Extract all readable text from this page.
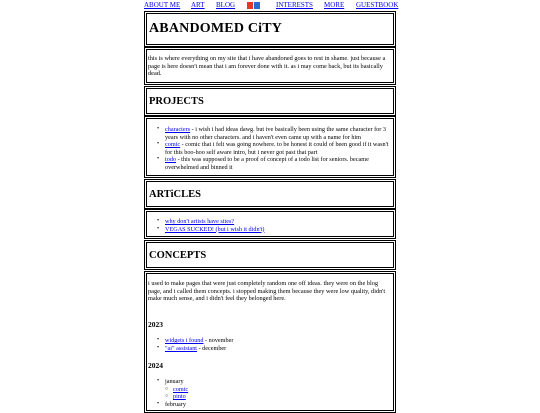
ABOUT ME ART BLOG	INTERESTS MORE GUESTBOOK
ABANDOMED CiTY
this is where everything on my site that i have abandoned goes to rest in shame. just because a page is here doesn't mean that i am forever done with it. as i may come back, but its basically dead.
PROJECTS
• characters - i wish i had ideas dawg. but ive basically been using the same character for 3 years with no other characters. and i haven't even came up with a name for him
• comic - comic that i felt was going nowhere. to be honest it could of been good if it wasn't for this boo-hoo self aware intro, but i never got past that part
• todo - this was supposed to be a proof of concept of a todo list for seniors. became overwhelmed and binned it
ARTiCLES
• why don't artists have sites?
• VEGAS SUCKED! (but i wish it didn't)
CONCEPTS
i used to make pages that were just completely random one off ideas. they were on the blog page, and i called them concepts. i stopped making them because they were low quality, didn't make much sense, and i didn't feel they belonged here.
2023
• widgets i found - november
• "ai" assistant - december
2024
• january
○ comic
○ pinto
• february
